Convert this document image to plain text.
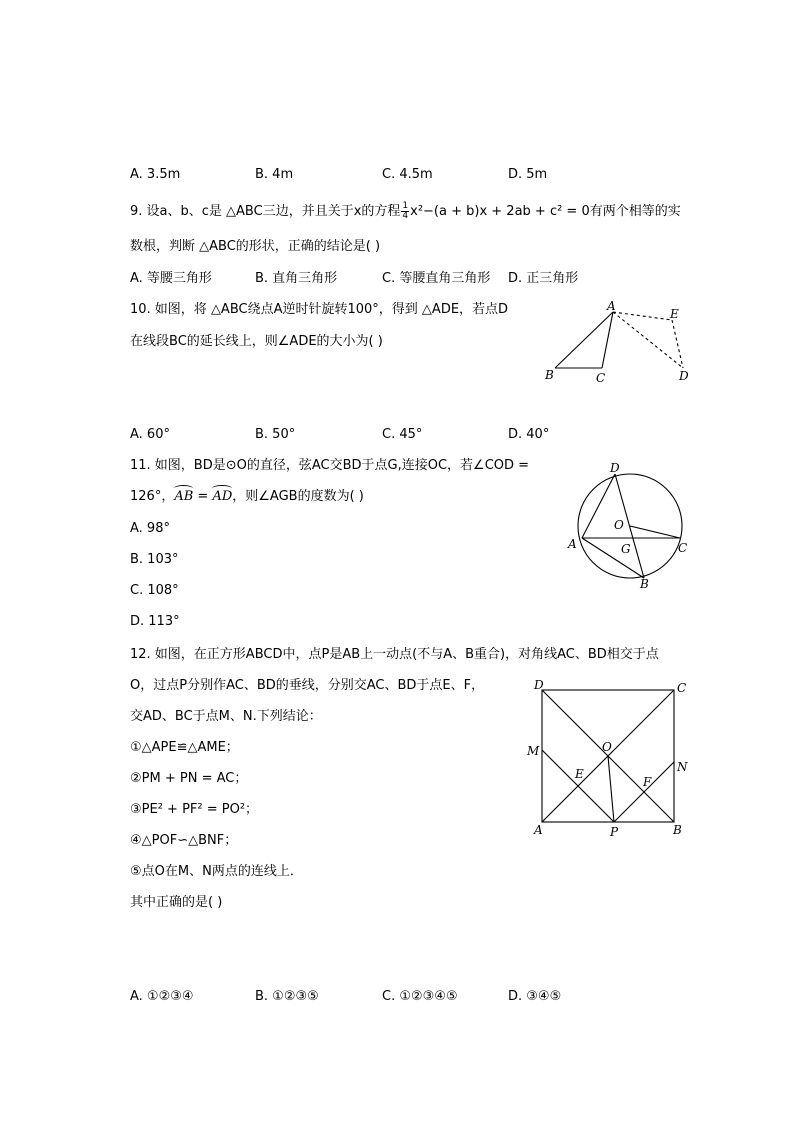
A. 3.5m	B. 4m	C. 4.5m	D. 5m
9. 设a、b、c是 △ABC三边，并且关于x的方程 $\frac{1}{4} x^2-(a + b)x + 2ab + c^2 = 0$有两个相等的实
数根，判断 △ABC的形状，正确的结论是( )
A. 等腰三角形	B. 直角三角形	C. 等腰直角三角形 D. 正三角形
10. 如图，将 △ABC绕点A逆时针旋转100°，得到 △ADE，若点D
在线段BC的延长线上，则∠ADE的大小为( )
A
B	C	D
E
A. 60°	B. 50°	C. 45°	D. 40°
11. 如图，BD是⊙O的直径，弦AC交BD于点G,连接OC，若∠COD =
126°，AB = AD，则∠AGB的度数为( )
A. 98°
B. 103°
C. 108°
D. 113°
D
O
A	G	C
B
12. 如图，在正方形ABCD中，点P是AB上一动点(不与A、B重合)，对角线AC、BD相交于点
O，过点P分别作AC、BD的垂线，分别交AC、BD于点E、F，
交AD、BC于点M、N.下列结论：
①△APE≌△AME；
②PM + PN = AC；
③PE² + PF² = PO²；
④△POF∽△BNF；
⑤点O在M、N两点的连线上．
其中正确的是( )
D	C
M	O
E
F
N
A	P	B
A. ①②③④	B. ①②③⑤	C. ①②③④⑤	D. ③④⑤
